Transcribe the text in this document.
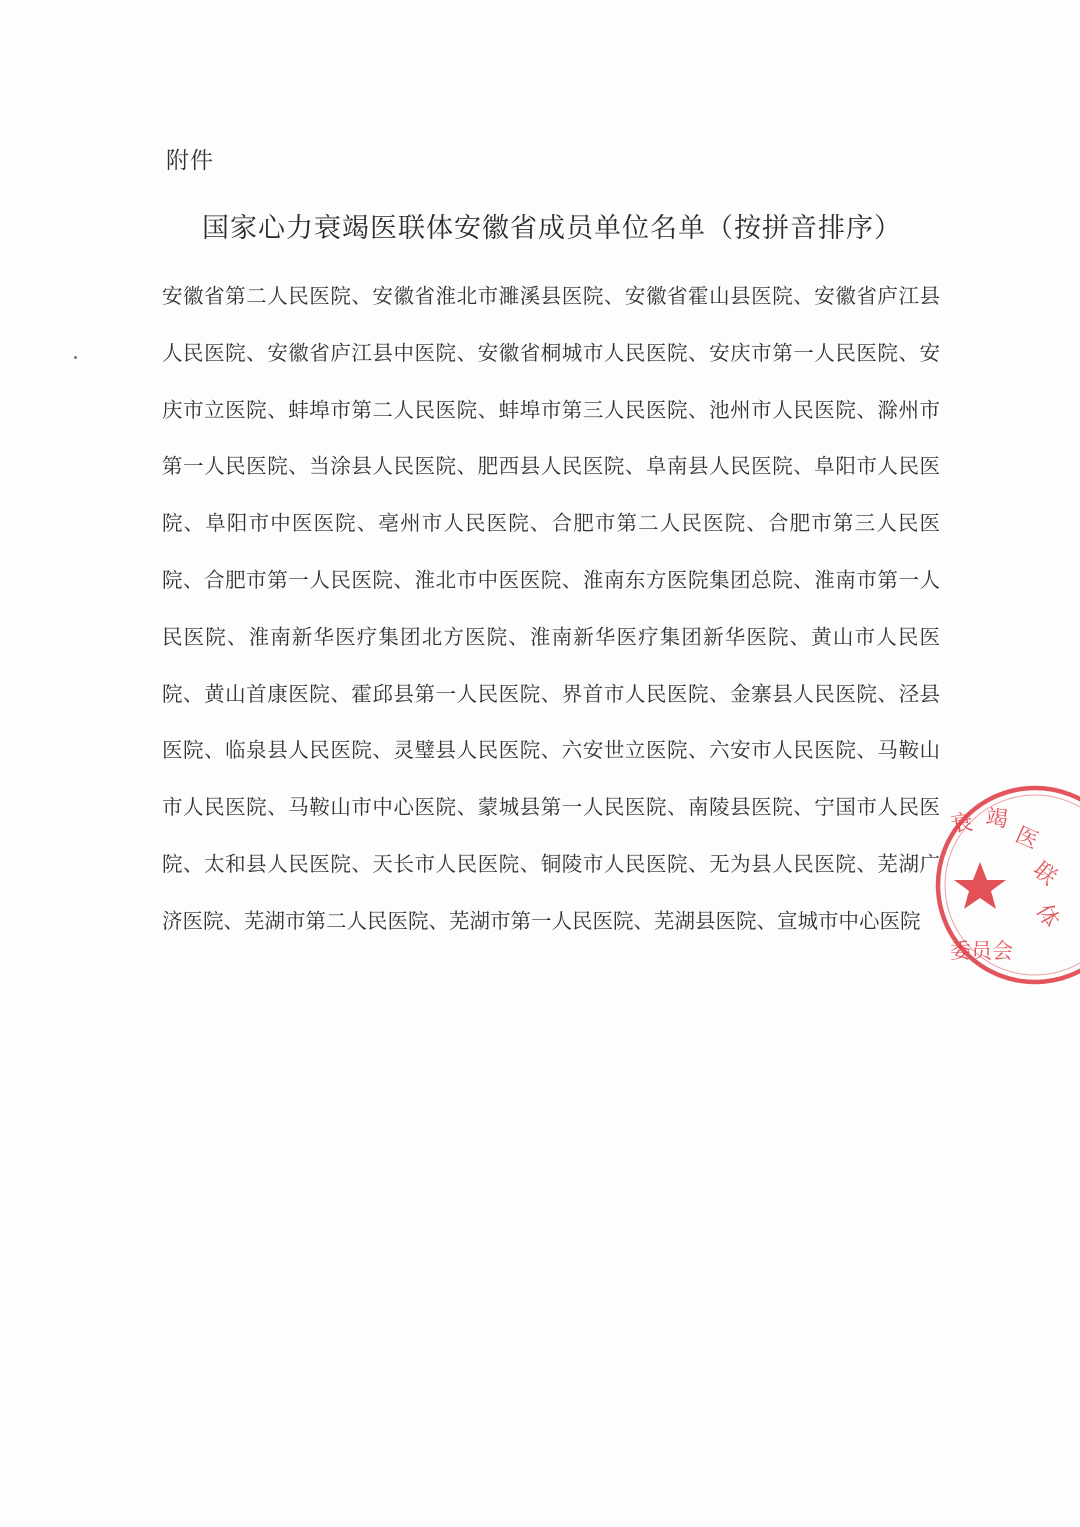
附件
国家心力衰竭医联体安徽省成员单位名单（按拼音排序）
安徽省第二人民医院、安徽省淮北市濉溪县医院、安徽省霍山县医院、安徽省庐江县人民医院、安徽省庐江县中医院、安徽省桐城市人民医院、安庆市第一人民医院、安庆市立医院、蚌埠市第二人民医院、蚌埠市第三人民医院、池州市人民医院、滁州市第一人民医院、当涂县人民医院、肥西县人民医院、阜南县人民医院、阜阳市人民医院、阜阳市中医医院、亳州市人民医院、合肥市第二人民医院、合肥市第三人民医院、合肥市第一人民医院、淮北市中医医院、淮南东方医院集团总院、淮南市第一人民医院、淮南新华医疗集团北方医院、淮南新华医疗集团新华医院、黄山市人民医院、黄山首康医院、霍邱县第一人民医院、界首市人民医院、金寨县人民医院、泾县医院、临泉县人民医院、灵璧县人民医院、六安世立医院、六安市人民医院、马鞍山市人民医院、马鞍山市中心医院、蒙城县第一人民医院、南陵县医院、宁国市人民医院、太和县人民医院、天长市人民医院、铜陵市人民医院、无为县人民医院、芜湖广济医院、芜湖市第二人民医院、芜湖市第一人民医院、芜湖县医院、宣城市中心医院
衰 竭
医
联
体
委员会
